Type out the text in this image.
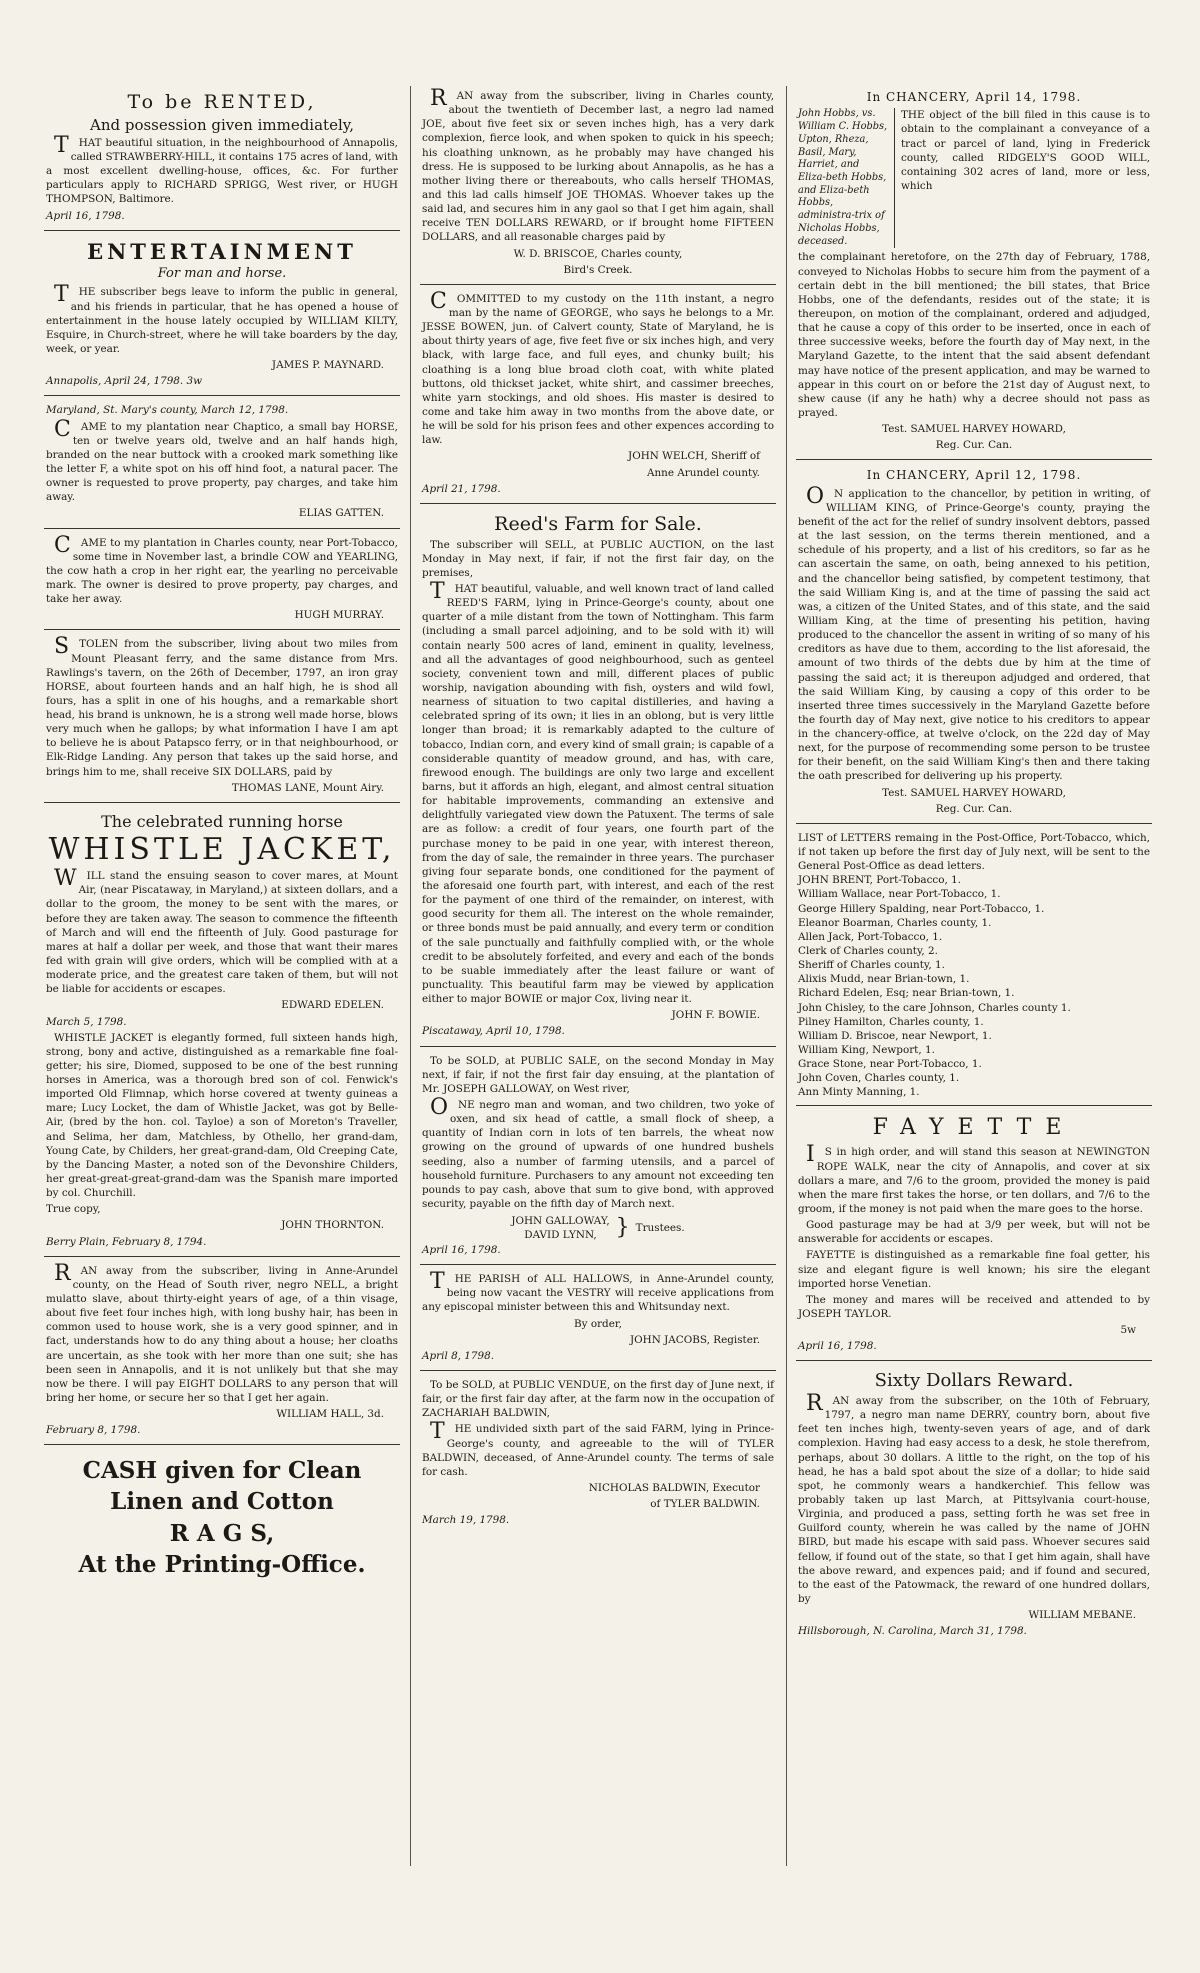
To be RENTED,
And possession given immediately,

THAT beautiful situation, in the neighbourhood of Annapolis, called STRAWBERRY-HILL, it contains 175 acres of land, with a most excellent dwelling-house, offices, &c. For further particulars apply to RICHARD SPRIGG, West river, or HUGH THOMPSON, Baltimore.

April 16, 1798.

ENTERTAINMENT
For man and horse.

THE subscriber begs leave to inform the public in general, and his friends in particular, that he has opened a house of entertainment in the house lately occupied by WILLIAM KILTY, Esquire, in Church-street, where he will take boarders by the day, week, or year.

JAMES P. MAYNARD.

Annapolis, April 24, 1798. 3w

Maryland, St. Mary's county, March 12, 1798.

CAME to my plantation near Chaptico, a small bay HORSE, ten or twelve years old, twelve and an half hands high, branded on the near buttock with a crooked mark something like the letter F, a white spot on his off hind foot, a natural pacer. The owner is requested to prove property, pay charges, and take him away.

ELIAS GATTEN.

CAME to my plantation in Charles county, near Port-Tobacco, some time in November last, a brindle COW and YEARLING, the cow hath a crop in her right ear, the yearling no perceivable mark. The owner is desired to prove property, pay charges, and take her away.

HUGH MURRAY.

STOLEN from the subscriber, living about two miles from Mount Pleasant ferry, and the same distance from Mrs. Rawlings's tavern, on the 26th of December, 1797, an iron gray HORSE, about fourteen hands and an half high, he is shod all fours, has a split in one of his houghs, and a remarkable short head, his brand is unknown, he is a strong well made horse, blows very much when he gallops; by what information I have I am apt to believe he is about Patapsco ferry, or in that neighbourhood, or Elk-Ridge Landing. Any person that takes up the said horse, and brings him to me, shall receive SIX DOLLARS, paid by

THOMAS LANE, Mount Airy.

The celebrated running horse
WHISTLE JACKET,

WILL stand the ensuing season to cover mares, at Mount Air, (near Piscataway, in Maryland,) at sixteen dollars, and a dollar to the groom, the money to be sent with the mares, or before they are taken away. The season to commence the fifteenth of March and will end the fifteenth of July. Good pasturage for mares at half a dollar per week, and those that want their mares fed with grain will give orders, which will be complied with at a moderate price, and the greatest care taken of them, but will not be liable for accidents or escapes.

EDWARD EDELEN.

March 5, 1798.

WHISTLE JACKET is elegantly formed, full sixteen hands high, strong, bony and active, distinguished as a remarkable fine foal-getter; his sire, Diomed, supposed to be one of the best running horses in America, was a thorough bred son of col. Fenwick's imported Old Flimnap, which horse covered at twenty guineas a mare; Lucy Locket, the dam of Whistle Jacket, was got by Belle-Air, (bred by the hon. col. Tayloe) a son of Moreton's Traveller, and Selima, her dam, Matchless, by Othello, her grand-dam, Young Cate, by Childers, her great-grand-dam, Old Creeping Cate, by the Dancing Master, a noted son of the Devonshire Childers, her great-great-great-grand-dam was the Spanish mare imported by col. Churchill.

True copy,

JOHN THORNTON.

Berry Plain, February 8, 1794.

RAN away from the subscriber, living in Anne-Arundel county, on the Head of South river, negro NELL, a bright mulatto slave, about thirty-eight years of age, of a thin visage, about five feet four inches high, with long bushy hair, has been in common used to house work, she is a very good spinner, and in fact, understands how to do any thing about a house; her cloaths are uncertain, as she took with her more than one suit; she has been seen in Annapolis, and it is not unlikely but that she may now be there. I will pay EIGHT DOLLARS to any person that will bring her home, or secure her so that I get her again.

WILLIAM HALL, 3d.

February 8, 1798.

CASH given for Clean
Linen and Cotton
R A G S,
At the Printing-Office.

RAN away from the subscriber, living in Charles county, about the twentieth of December last, a negro lad named JOE, about five feet six or seven inches high, has a very dark complexion, fierce look, and when spoken to quick in his speech; his cloathing unknown, as he probably may have changed his dress. He is supposed to be lurking about Annapolis, as he has a mother living there or thereabouts, who calls herself THOMAS, and this lad calls himself JOE THOMAS. Whoever takes up the said lad, and secures him in any gaol so that I get him again, shall receive TEN DOLLARS REWARD, or if brought home FIFTEEN DOLLARS, and all reasonable charges paid by

W. D. BRISCOE, Charles county,

Bird's Creek.

COMMITTED to my custody on the 11th instant, a negro man by the name of GEORGE, who says he belongs to a Mr. JESSE BOWEN, jun. of Calvert county, State of Maryland, he is about thirty years of age, five feet five or six inches high, and very black, with large face, and full eyes, and chunky built; his cloathing is a long blue broad cloth coat, with white plated buttons, old thickset jacket, white shirt, and cassimer breeches, white yarn stockings, and old shoes. His master is desired to come and take him away in two months from the above date, or he will be sold for his prison fees and other expences according to law.

JOHN WELCH, Sheriff of

Anne Arundel county.

April 21, 1798.

Reed's Farm for Sale.

The subscriber will SELL, at PUBLIC AUCTION, on the last Monday in May next, if fair, if not the first fair day, on the premises,

THAT beautiful, valuable, and well known tract of land called REED'S FARM, lying in Prince-George's county, about one quarter of a mile distant from the town of Nottingham. This farm (including a small parcel adjoining, and to be sold with it) will contain nearly 500 acres of land, eminent in quality, levelness, and all the advantages of good neighbourhood, such as genteel society, convenient town and mill, different places of public worship, navigation abounding with fish, oysters and wild fowl, nearness of situation to two capital distilleries, and having a celebrated spring of its own; it lies in an oblong, but is very little longer than broad; it is remarkably adapted to the culture of tobacco, Indian corn, and every kind of small grain; is capable of a considerable quantity of meadow ground, and has, with care, firewood enough. The buildings are only two large and excellent barns, but it affords an high, elegant, and almost central situation for habitable improvements, commanding an extensive and delightfully variegated view down the Patuxent. The terms of sale are as follow: a credit of four years, one fourth part of the purchase money to be paid in one year, with interest thereon, from the day of sale, the remainder in three years. The purchaser giving four separate bonds, one conditioned for the payment of the aforesaid one fourth part, with interest, and each of the rest for the payment of one third of the remainder, on interest, with good security for them all. The interest on the whole remainder, or three bonds must be paid annually, and every term or condition of the sale punctually and faithfully complied with, or the whole credit to be absolutely forfeited, and every and each of the bonds to be suable immediately after the least failure or want of punctuality. This beautiful farm may be viewed by application either to major BOWIE or major Cox, living near it.

JOHN F. BOWIE.

Piscataway, April 10, 1798.

To be SOLD, at PUBLIC SALE, on the second Monday in May next, if fair, if not the first fair day ensuing, at the plantation of Mr. JOSEPH GALLOWAY, on West river,

ONE negro man and woman, and two children, two yoke of oxen, and six head of cattle, a small flock of sheep, a quantity of Indian corn in lots of ten barrels, the wheat now growing on the ground of upwards of one hundred bushels seeding, also a number of farming utensils, and a parcel of household furniture. Purchasers to any amount not exceeding ten pounds to pay cash, above that sum to give bond, with approved security, payable on the fifth day of March next.

JOHN GALLOWAY,
DAVID LYNN, } Trustees.

April 16, 1798.

THE PARISH of ALL HALLOWS, in Anne-Arundel county, being now vacant the VESTRY will receive applications from any episcopal minister between this and Whitsunday next.

By order,

JOHN JACOBS, Register.

April 8, 1798.

To be SOLD, at PUBLIC VENDUE, on the first day of June next, if fair, or the first fair day after, at the farm now in the occupation of ZACHARIAH BALDWIN,

THE undivided sixth part of the said FARM, lying in Prince-George's county, and agreeable to the will of TYLER BALDWIN, deceased, of Anne-Arundel county. The terms of sale for cash.

NICHOLAS BALDWIN, Executor

of TYLER BALDWIN.

March 19, 1798.

In CHANCERY, April 14, 1798.
John Hobbs, vs. William C. Hobbs, Upton, Rheza, Basil, Mary, Harriet, and Eliza-beth Hobbs, and Eliza-beth Hobbs, administra-trix of Nicholas Hobbs, deceased.
THE object of the bill filed in this cause is to obtain to the complainant a conveyance of a tract or parcel of land, lying in Frederick county, called RIDGELY'S GOOD WILL, containing 302 acres of land, more or less, which

the complainant heretofore, on the 27th day of February, 1788, conveyed to Nicholas Hobbs to secure him from the payment of a certain debt in the bill mentioned; the bill states, that Brice Hobbs, one of the defendants, resides out of the state; it is thereupon, on motion of the complainant, ordered and adjudged, that he cause a copy of this order to be inserted, once in each of three successive weeks, before the fourth day of May next, in the Maryland Gazette, to the intent that the said absent defendant may have notice of the present application, and may be warned to appear in this court on or before the 21st day of August next, to shew cause (if any he hath) why a decree should not pass as prayed.

Test. SAMUEL HARVEY HOWARD,

Reg. Cur. Can.

In CHANCERY, April 12, 1798.

ON application to the chancellor, by petition in writing, of WILLIAM KING, of Prince-George's county, praying the benefit of the act for the relief of sundry insolvent debtors, passed at the last session, on the terms therein mentioned, and a schedule of his property, and a list of his creditors, so far as he can ascertain the same, on oath, being annexed to his petition, and the chancellor being satisfied, by competent testimony, that the said William King is, and at the time of passing the said act was, a citizen of the United States, and of this state, and the said William King, at the time of presenting his petition, having produced to the chancellor the assent in writing of so many of his creditors as have due to them, according to the list aforesaid, the amount of two thirds of the debts due by him at the time of passing the said act; it is thereupon adjudged and ordered, that the said William King, by causing a copy of this order to be inserted three times successively in the Maryland Gazette before the fourth day of May next, give notice to his creditors to appear in the chancery-office, at twelve o'clock, on the 22d day of May next, for the purpose of recommending some person to be trustee for their benefit, on the said William King's then and there taking the oath prescribed for delivering up his property.

Test. SAMUEL HARVEY HOWARD,

Reg. Cur. Can.

LIST of LETTERS remaing in the Post-Office, Port-Tobacco, which, if not taken up before the first day of July next, will be sent to the General Post-Office as dead letters.

JOHN BRENT, Port-Tobacco, 1.

William Wallace, near Port-Tobacco, 1.

George Hillery Spalding, near Port-Tobacco, 1.

Eleanor Boarman, Charles county, 1.

Allen Jack, Port-Tobacco, 1.

Clerk of Charles county, 2.

Sheriff of Charles county, 1.

Alixis Mudd, near Brian-town, 1.

Richard Edelen, Esq; near Brian-town, 1.

John Chisley, to the care Johnson, Charles county 1.

Pilney Hamilton, Charles county, 1.

William D. Briscoe, near Newport, 1.

William King, Newport, 1.

Grace Stone, near Port-Tobacco, 1.

John Coven, Charles county, 1.

Ann Minty Manning, 1.

FAYETTE

IS in high order, and will stand this season at NEWINGTON ROPE WALK, near the city of Annapolis, and cover at six dollars a mare, and 7/6 to the groom, provided the money is paid when the mare first takes the horse, or ten dollars, and 7/6 to the groom, if the money is not paid when the mare goes to the horse.

Good pasturage may be had at 3/9 per week, but will not be answerable for accidents or escapes.

FAYETTE is distinguished as a remarkable fine foal getter, his size and elegant figure is well known; his sire the elegant imported horse Venetian.

The money and mares will be received and attended to by JOSEPH TAYLOR.

5w

April 16, 1798.

Sixty Dollars Reward.

RAN away from the subscriber, on the 10th of February, 1797, a negro man name DERRY, country born, about five feet ten inches high, twenty-seven years of age, and of dark complexion. Having had easy access to a desk, he stole therefrom, perhaps, about 30 dollars. A little to the right, on the top of his head, he has a bald spot about the size of a dollar; to hide said spot, he commonly wears a handkerchief. This fellow was probably taken up last March, at Pittsylvania court-house, Virginia, and produced a pass, setting forth he was set free in Guilford county, wherein he was called by the name of JOHN BIRD, but made his escape with said pass. Whoever secures said fellow, if found out of the state, so that I get him again, shall have the above reward, and expences paid; and if found and secured, to the east of the Patowmack, the reward of one hundred dollars, by

WILLIAM MEBANE.

Hillsborough, N. Carolina, March 31, 1798.
